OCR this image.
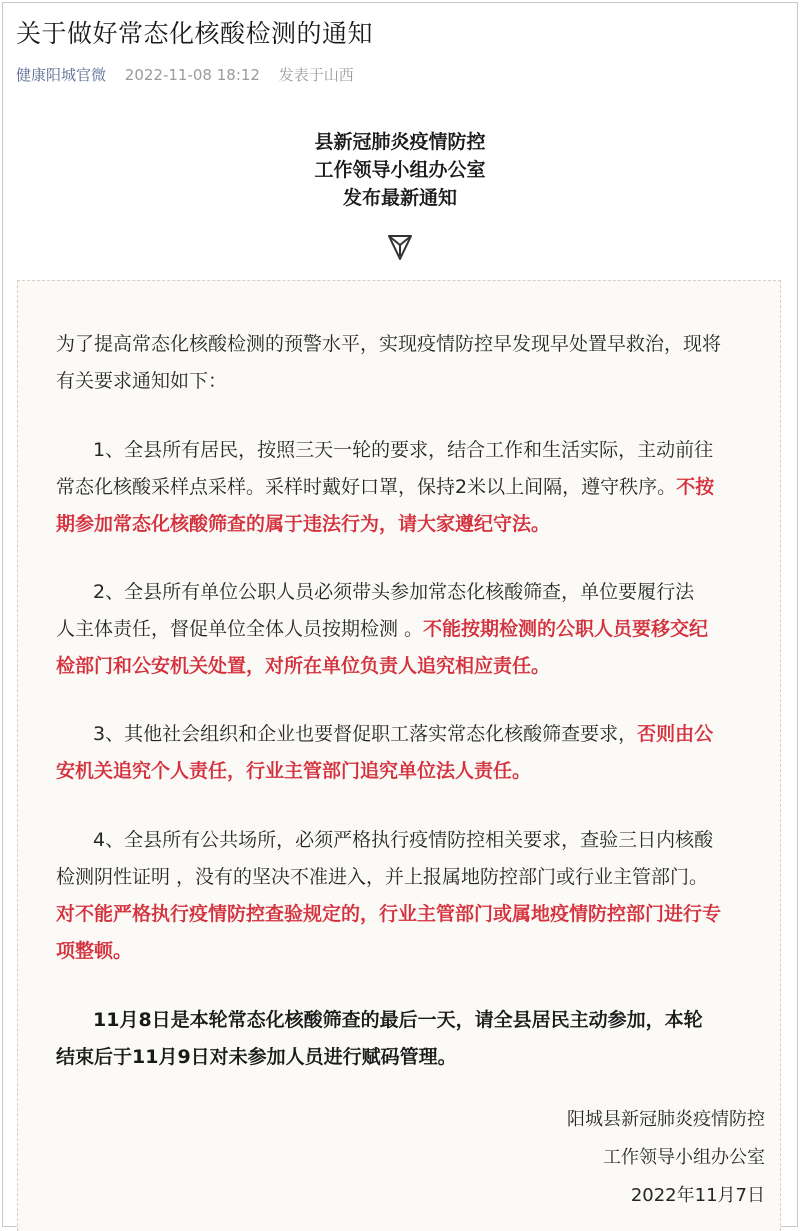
关于做好常态化核酸检测的通知
健康阳城官微 2022-11-08 18:12 发表于山西
县新冠肺炎疫情防控
工作领导小组办公室
发布最新通知
为了提高常态化核酸检测的预警水平，实现疫情防控早发现早处置早救治，现将
有关要求通知如下：
1、全县所有居民，按照三天一轮的要求，结合工作和生活实际，主动前往
常态化核酸采样点采样。采样时戴好口罩，保持2米以上间隔，遵守秩序。不按
期参加常态化核酸筛查的属于违法行为，请大家遵纪守法。
2、全县所有单位公职人员必须带头参加常态化核酸筛查，单位要履行法
人主体责任，督促单位全体人员按期检测 。不能按期检测的公职人员要移交纪
检部门和公安机关处置，对所在单位负责人追究相应责任。
3、其他社会组织和企业也要督促职工落实常态化核酸筛查要求，否则由公
安机关追究个人责任，行业主管部门追究单位法人责任。
4、全县所有公共场所，必须严格执行疫情防控相关要求，查验三日内核酸
检测阴性证明 ，没有的坚决不准进入，并上报属地防控部门或行业主管部门。
对不能严格执行疫情防控查验规定的，行业主管部门或属地疫情防控部门进行专
项整顿。
11月8日是本轮常态化核酸筛查的最后一天，请全县居民主动参加，本轮
结束后于11月9日对未参加人员进行赋码管理。
阳城县新冠肺炎疫情防控
工作领导小组办公室
2022年11月7日
